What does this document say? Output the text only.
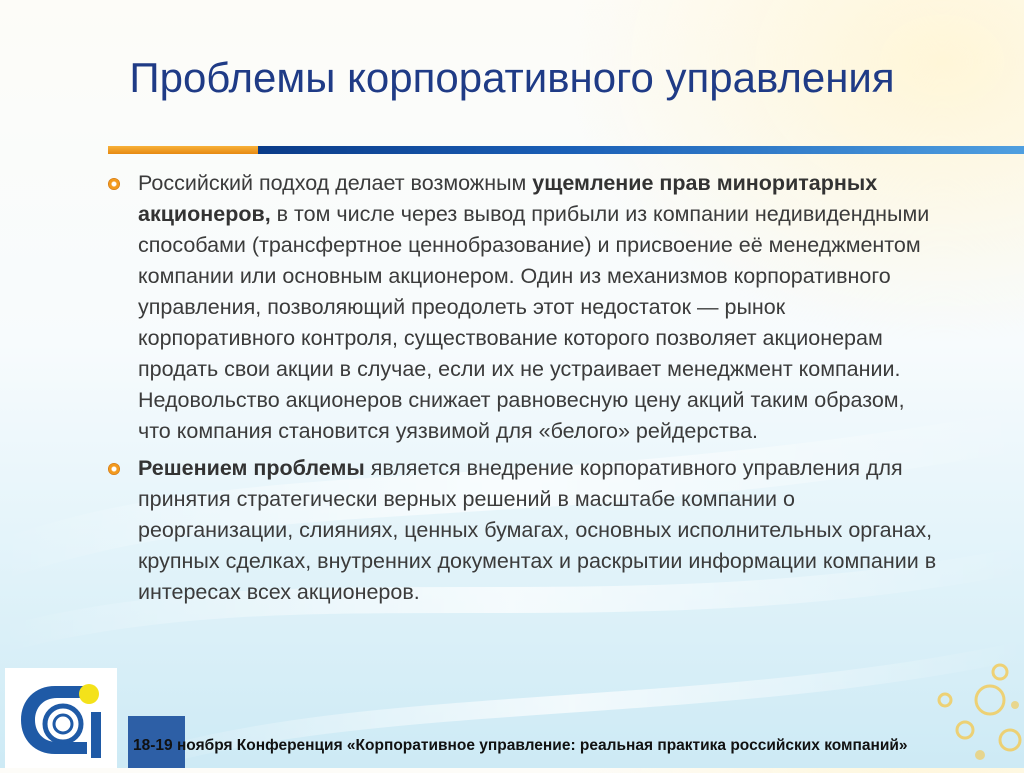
Проблемы корпоративного управления

Российский подход делает возможным ущемление прав миноритарных акционеров, в том числе через вывод прибыли из компании недивидендными способами (трансфертное ценнобразование) и присвоение её менеджментом компании или основным акционером. Один из механизмов корпоративного управления, позволяющий преодолеть этот недостаток — рынок корпоративного контроля, существование которого позволяет акционерам продать свои акции в случае, если их не устраивает менеджмент компании. Недовольство акционеров снижает равновесную цену акций таким образом, что компания становится уязвимой для «белого» рейдерства.

Решением проблемы является внедрение корпоративного управления для принятия стратегически верных решений в масштабе компании о реорганизации, слияниях, ценных бумагах, основных исполнительных органах, крупных сделках, внутренних документах и раскрытии информации компании в интересах всех акционеров.

18-19 ноября Конференция «Корпоративное управление: реальная практика российских компаний»
